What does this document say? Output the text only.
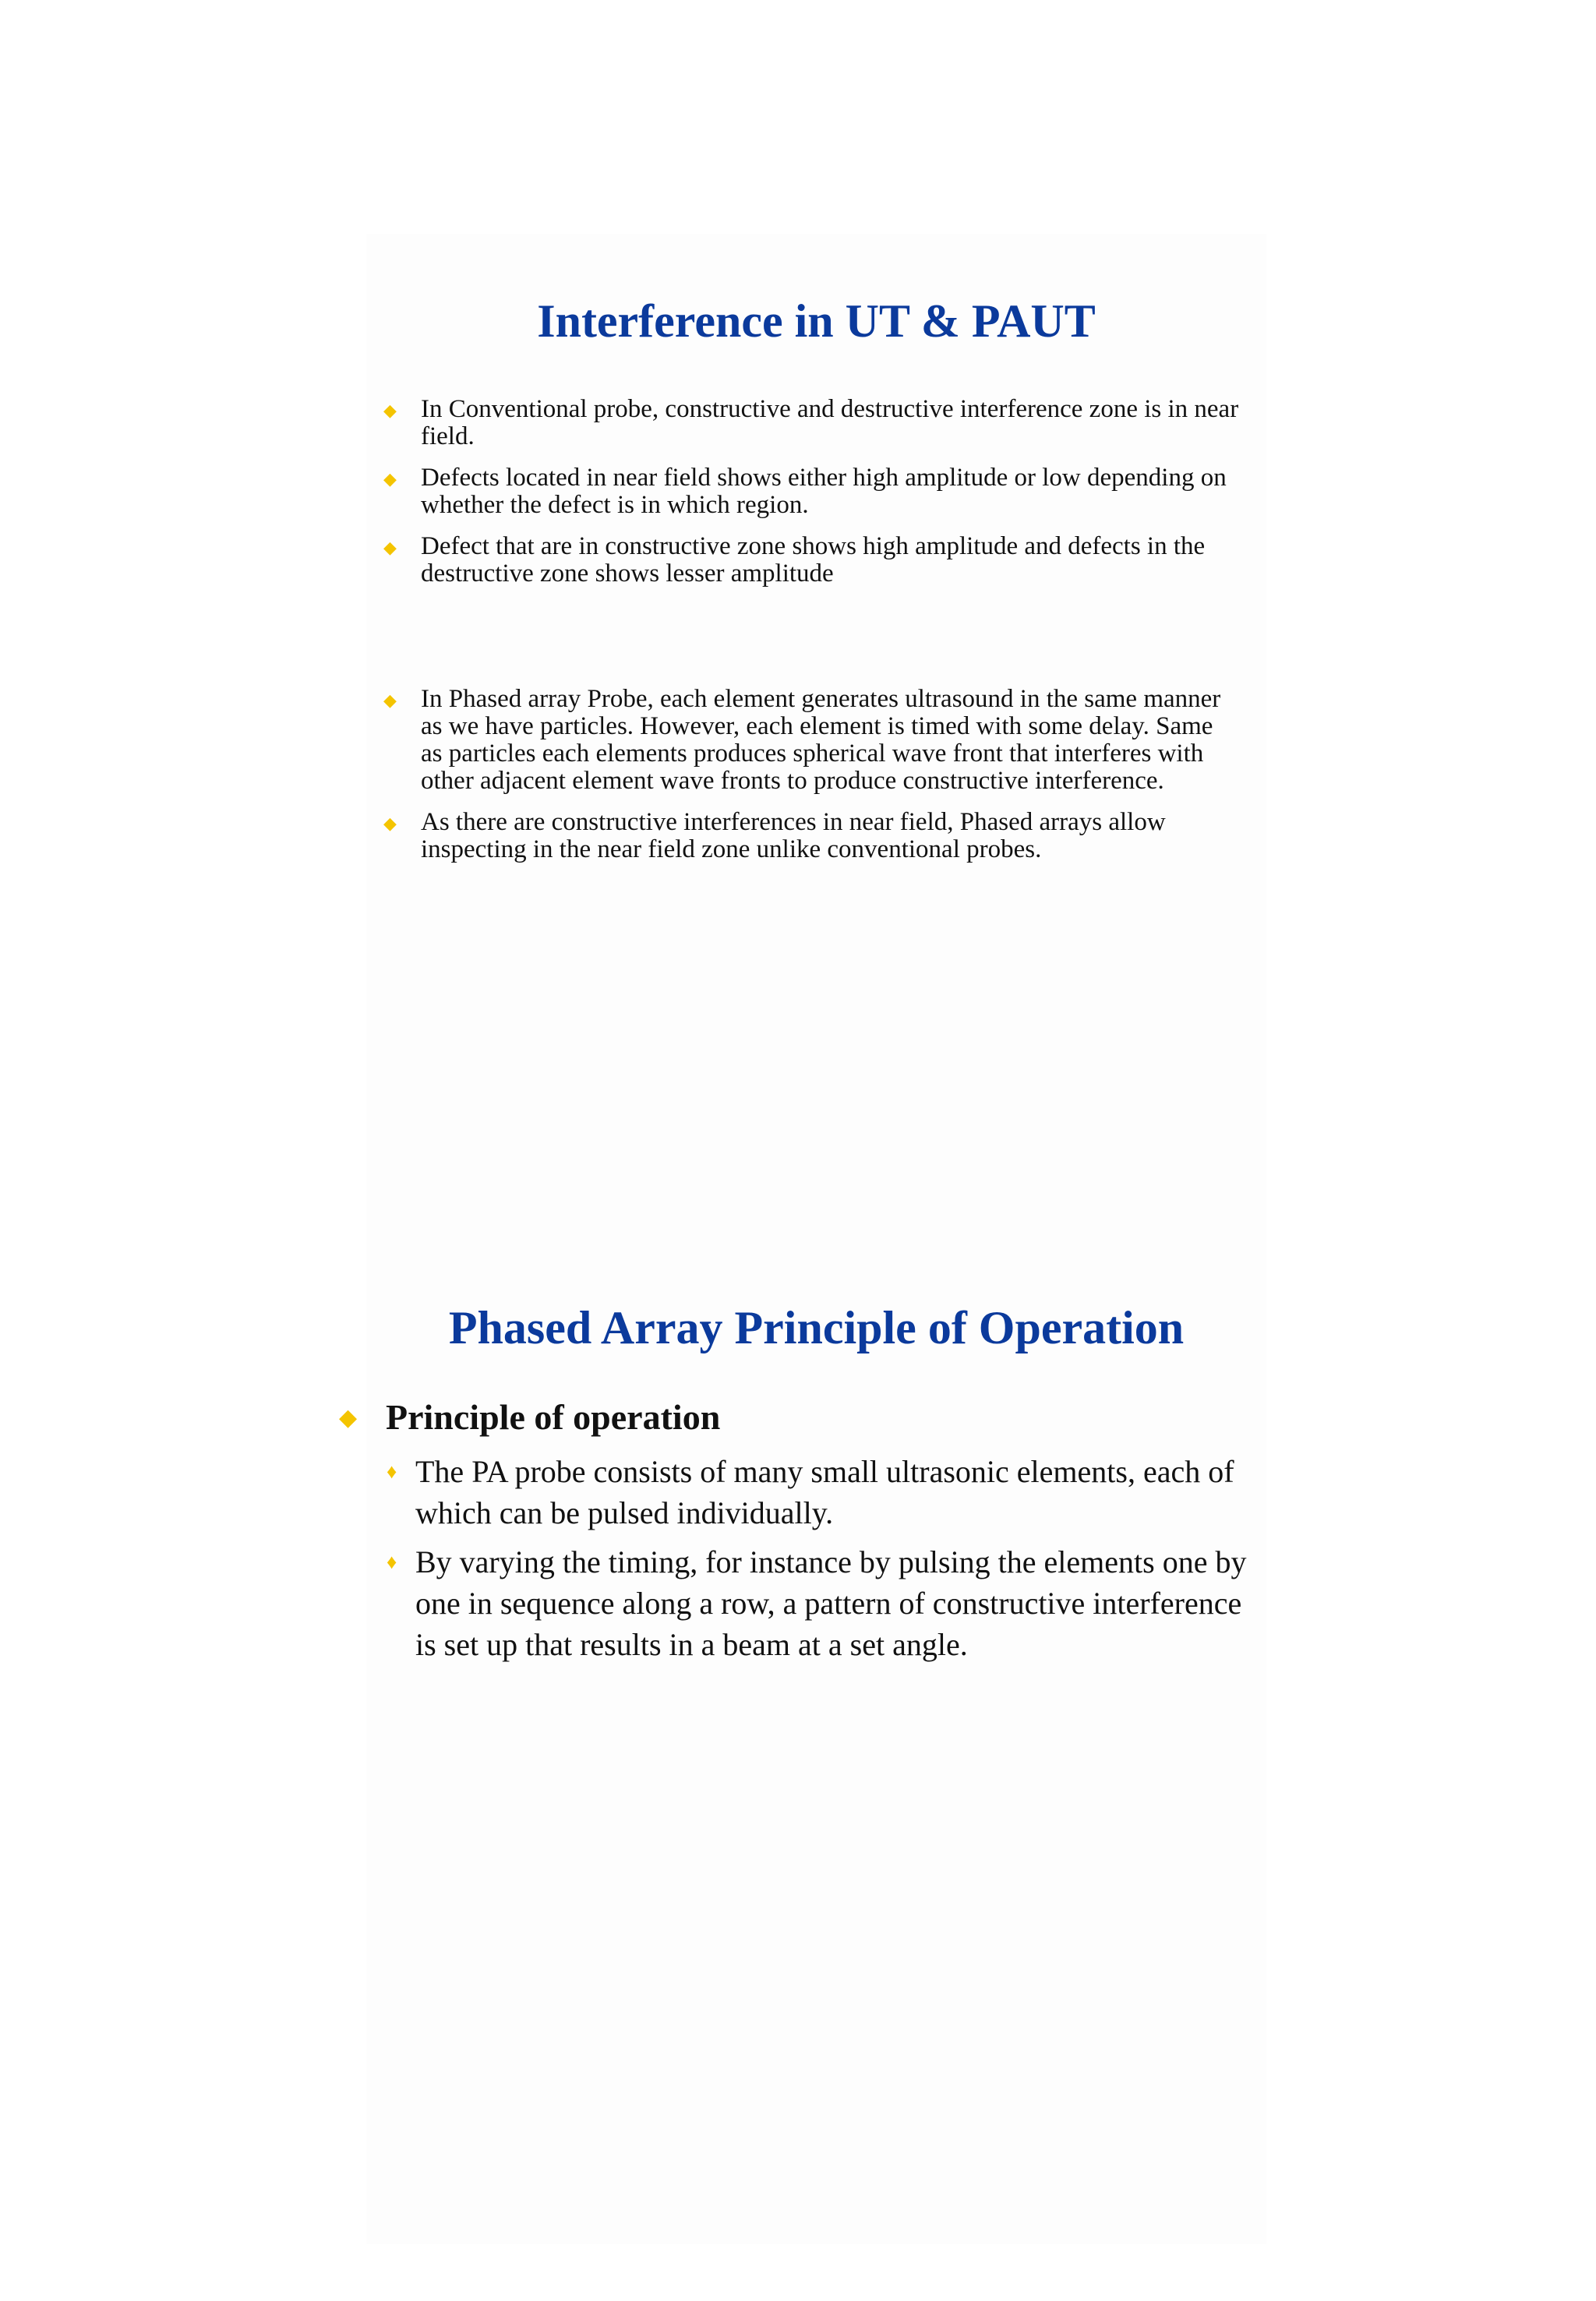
Interference in UT & PAUT
◆ In Conventional probe, constructive and destructive interference zone is in near field.
◆ Defects located in near field shows either high amplitude or low depending on whether the defect is in which region.
◆ Defect that are in constructive zone shows high amplitude and defects in the destructive zone shows lesser amplitude
◆ In Phased array Probe, each element generates ultrasound in the same manner as we have particles. However, each element is timed with some delay. Same as particles each elements produces spherical wave front that interferes with other adjacent element wave fronts to produce constructive interference.
◆ As there are constructive interferences in near field, Phased arrays allow inspecting in the near field zone unlike conventional probes.
Phased Array Principle of Operation
◆ Principle of operation
♦ The PA probe consists of many small ultrasonic elements, each of which can be pulsed individually.
♦ By varying the timing, for instance by pulsing the elements one by one in sequence along a row, a pattern of constructive interference is set up that results in a beam at a set angle.
